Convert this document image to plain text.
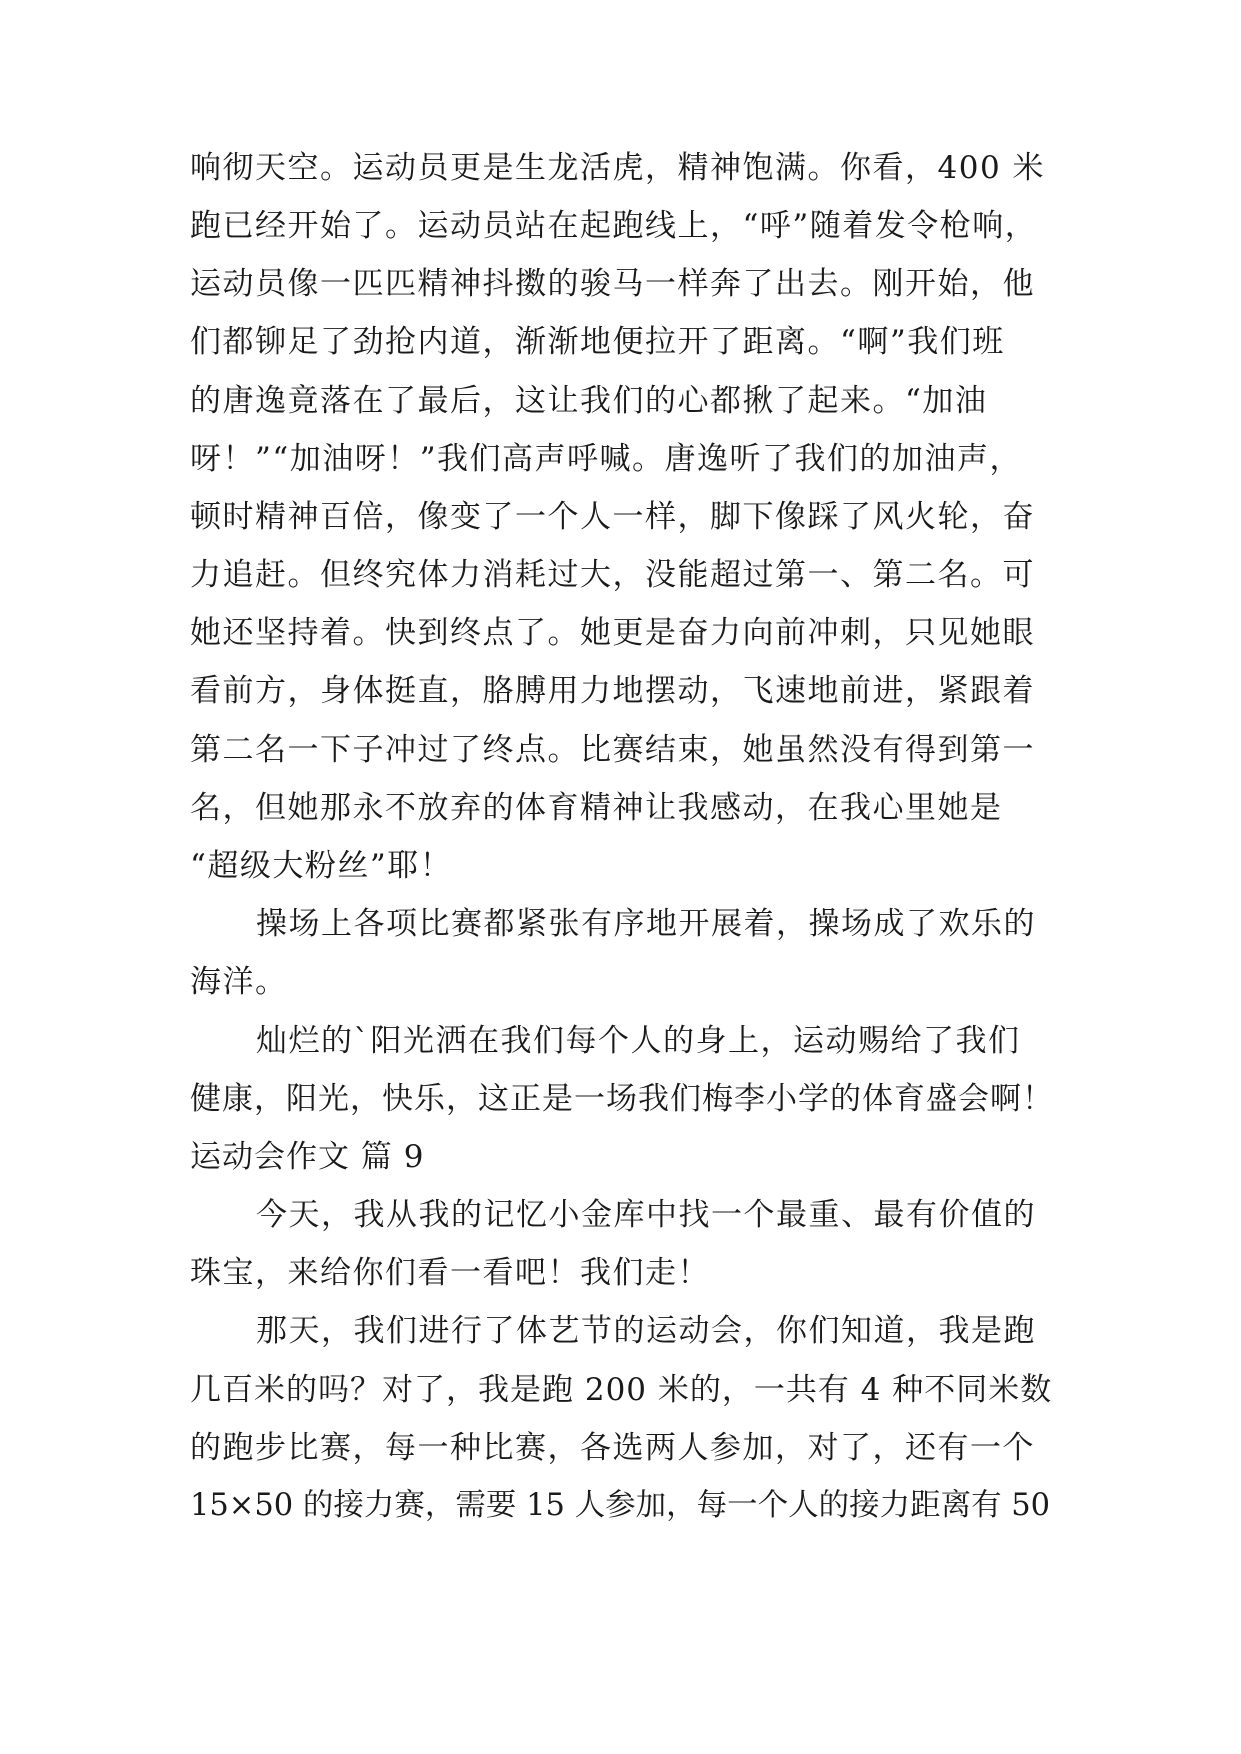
响彻天空。运动员更是生龙活虎，精神饱满。你看，400 米
跑已经开始了。运动员站在起跑线上，“呼”随着发令枪响，
运动员像一匹匹精神抖擞的骏马一样奔了出去。刚开始，他
们都铆足了劲抢内道，渐渐地便拉开了距离。“啊”我们班
的唐逸竟落在了最后，这让我们的心都揪了起来。“加油
呀！”“加油呀！”我们高声呼喊。唐逸听了我们的加油声，
顿时精神百倍，像变了一个人一样，脚下像踩了风火轮，奋
力追赶。但终究体力消耗过大，没能超过第一、第二名。可
她还坚持着。快到终点了。她更是奋力向前冲刺，只见她眼
看前方，身体挺直，胳膊用力地摆动，飞速地前进，紧跟着
第二名一下子冲过了终点。比赛结束，她虽然没有得到第一
名，但她那永不放弃的体育精神让我感动，在我心里她是
“超级大粉丝”耶！
操场上各项比赛都紧张有序地开展着，操场成了欢乐的
海洋。
灿烂的`阳光洒在我们每个人的身上，运动赐给了我们
健康，阳光，快乐，这正是一场我们梅李小学的体育盛会啊！
运动会作文 篇 9
今天，我从我的记忆小金库中找一个最重、最有价值的
珠宝，来给你们看一看吧！我们走！
那天，我们进行了体艺节的运动会，你们知道，我是跑
几百米的吗？对了，我是跑 200 米的，一共有 4 种不同米数
的跑步比赛，每一种比赛，各选两人参加，对了，还有一个
15×50 的接力赛，需要 15 人参加，每一个人的接力距离有 50
